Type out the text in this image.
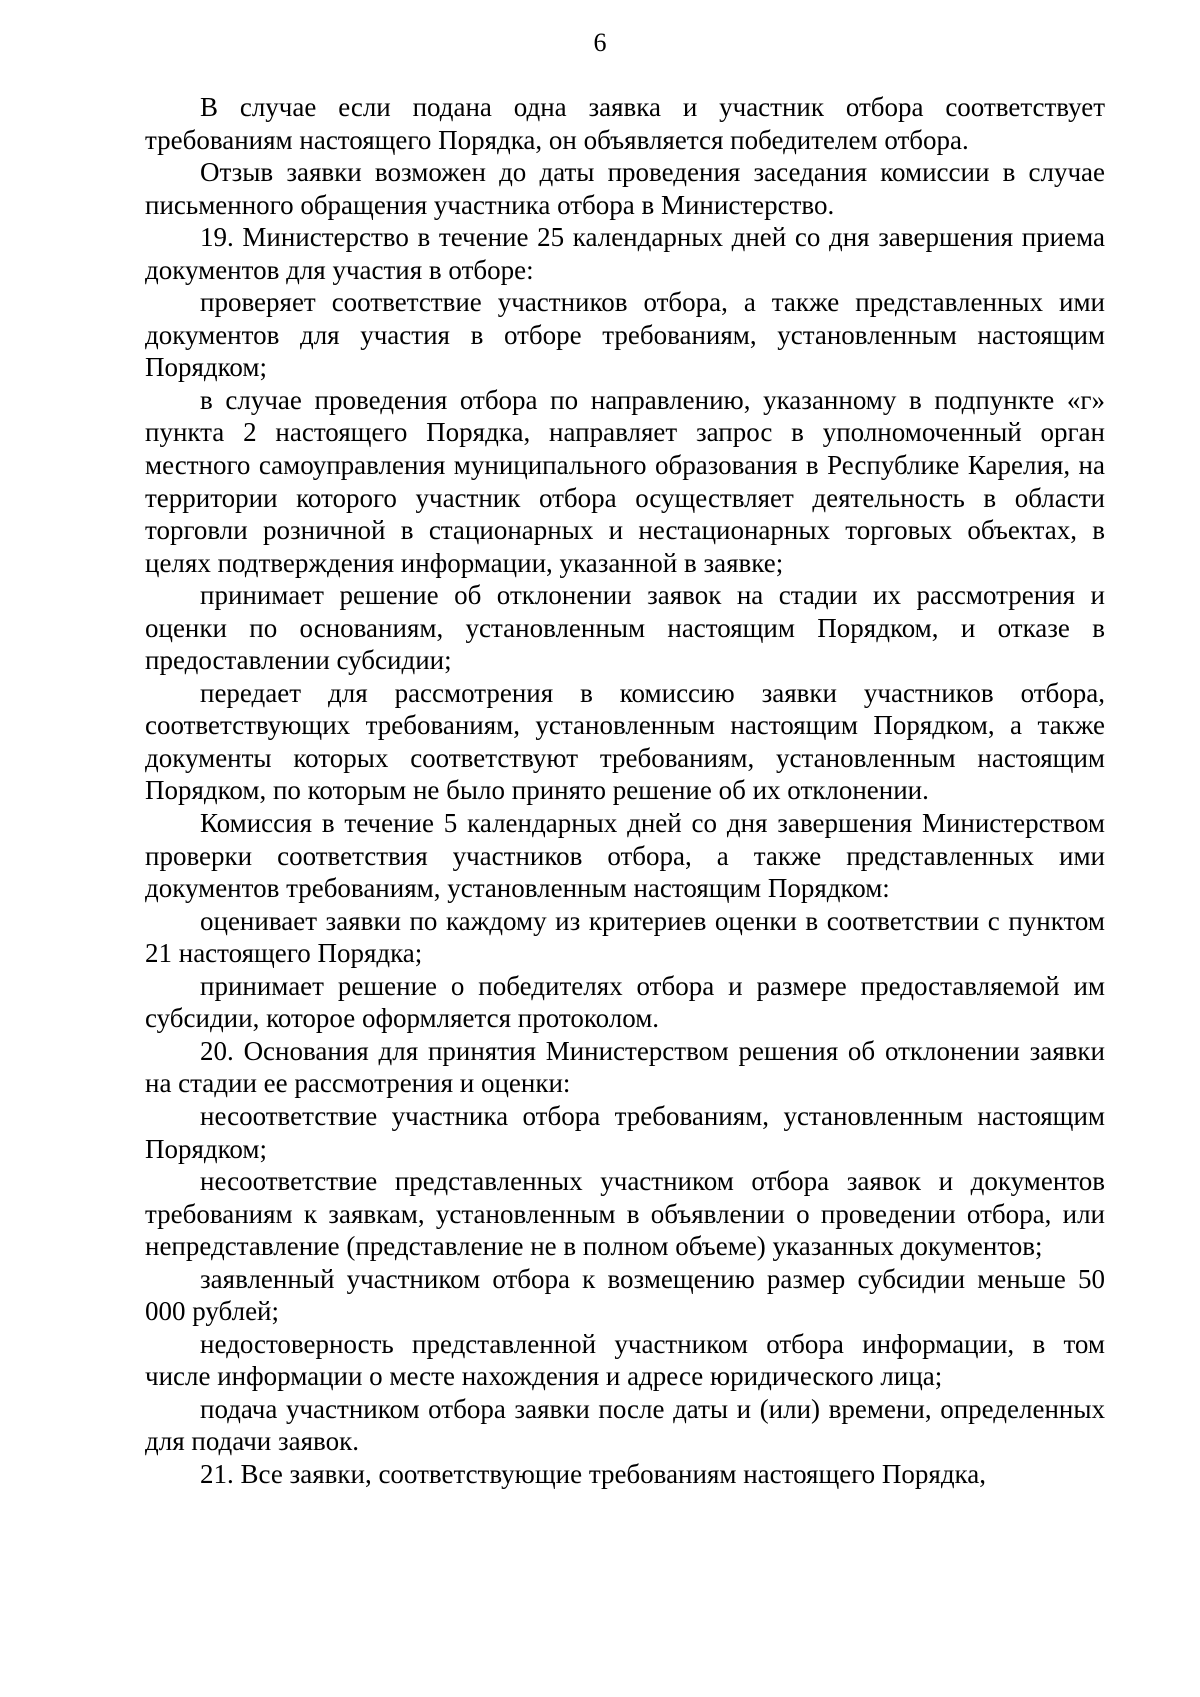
6

В случае если подана одна заявка и участник отбора соответствует требованиям настоящего Порядка, он объявляется победителем отбора.

Отзыв заявки возможен до даты проведения заседания комиссии в случае письменного обращения участника отбора в Министерство.

19. Министерство в течение 25 календарных дней со дня завершения приема документов для участия в отборе:

проверяет соответствие участников отбора, а также представленных ими документов для участия в отборе требованиям, установленным настоящим Порядком;

в случае проведения отбора по направлению, указанному в подпункте «г» пункта 2 настоящего Порядка, направляет запрос в уполномоченный орган местного самоуправления муниципального образования в Республике Карелия, на территории которого участник отбора осуществляет деятельность в области торговли розничной в стационарных и нестационарных торговых объектах, в целях подтверждения информации, указанной в заявке;

принимает решение об отклонении заявок на стадии их рассмотрения и оценки по основаниям, установленным настоящим Порядком, и отказе в предоставлении субсидии;

передает для рассмотрения в комиссию заявки участников отбора, соответствующих требованиям, установленным настоящим Порядком, а также документы которых соответствуют требованиям, установленным настоящим Порядком, по которым не было принято решение об их отклонении.

Комиссия в течение 5 календарных дней со дня завершения Министерством проверки соответствия участников отбора, а также представленных ими документов требованиям, установленным настоящим Порядком:

оценивает заявки по каждому из критериев оценки в соответствии с пунктом 21 настоящего Порядка;

принимает решение о победителях отбора и размере предоставляемой им субсидии, которое оформляется протоколом.

20. Основания для принятия Министерством решения об отклонении заявки на стадии ее рассмотрения и оценки:

несоответствие участника отбора требованиям, установленным настоящим Порядком;

несоответствие представленных участником отбора заявок и документов требованиям к заявкам, установленным в объявлении о проведении отбора, или непредставление (представление не в полном объеме) указанных документов;

заявленный участником отбора к возмещению размер субсидии меньше 50 000 рублей;

недостоверность представленной участником отбора информации, в том числе информации о месте нахождения и адресе юридического лица;

подача участником отбора заявки после даты и (или) времени, определенных для подачи заявок.

21. Все заявки, соответствующие требованиям настоящего Порядка,
